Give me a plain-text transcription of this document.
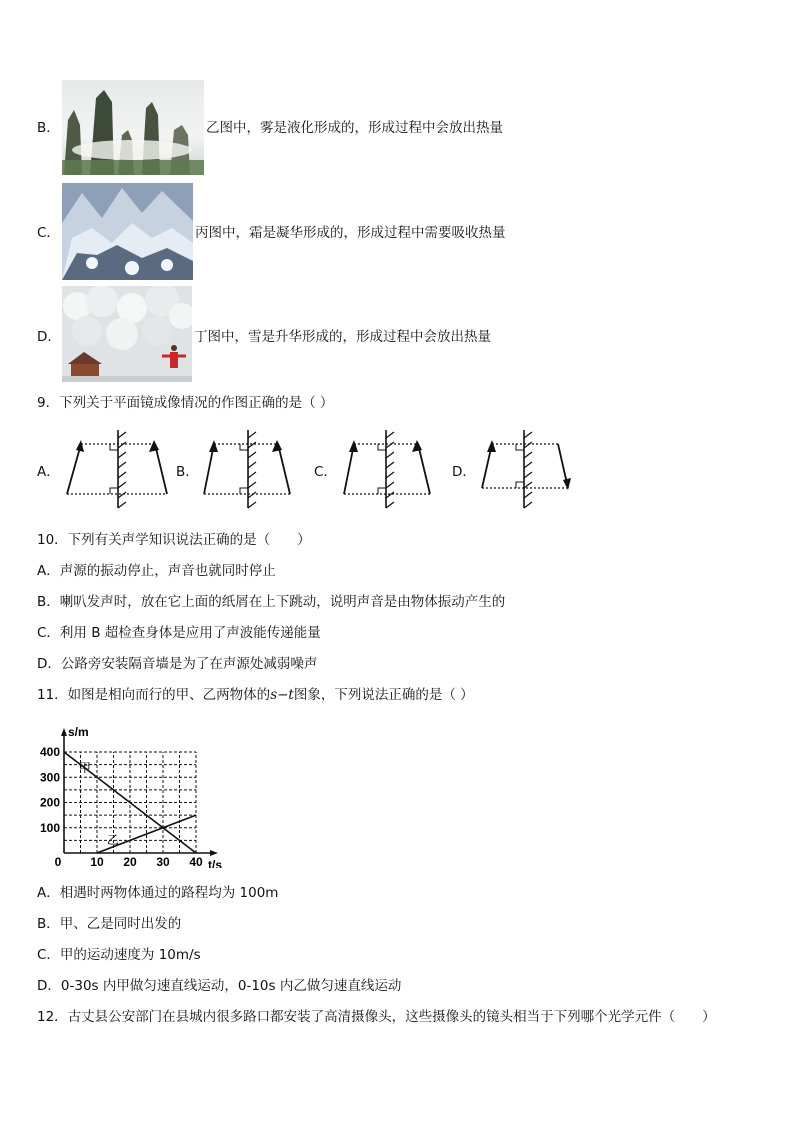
B．	乙图中，雾是液化形成的，形成过程中会放出热量
C．	丙图中，霜是凝华形成的，形成过程中需要吸收热量
D．	丁图中，雪是升华形成的，形成过程中会放出热量
9．下列关于平面镜成像情况的作图正确的是（ ）
A．	B．	C．	D．
10．下列有关声学知识说法正确的是（　　）
A．声源的振动停止，声音也就同时停止
B．喇叭发声时，放在它上面的纸屑在上下跳动，说明声音是由物体振动产生的
C．利用 B 超检查身体是应用了声波能传递能量
D．公路旁安装隔音墙是为了在声源处减弱噪声
11．如图是相向而行的甲、乙两物体的s−t图象，下列说法正确的是（ ）
0 10 20 30 40
100
200
300
400
s/m
t/s
甲
乙
A．相遇时两物体通过的路程均为 100m
B．甲、乙是同时出发的
C．甲的运动速度为 10m/s
D．0-30s 内甲做匀速直线运动，0-10s 内乙做匀速直线运动
12．古丈县公安部门在县城内很多路口都安装了高清摄像头，这些摄像头的镜头相当于下列哪个光学元件（　　）
